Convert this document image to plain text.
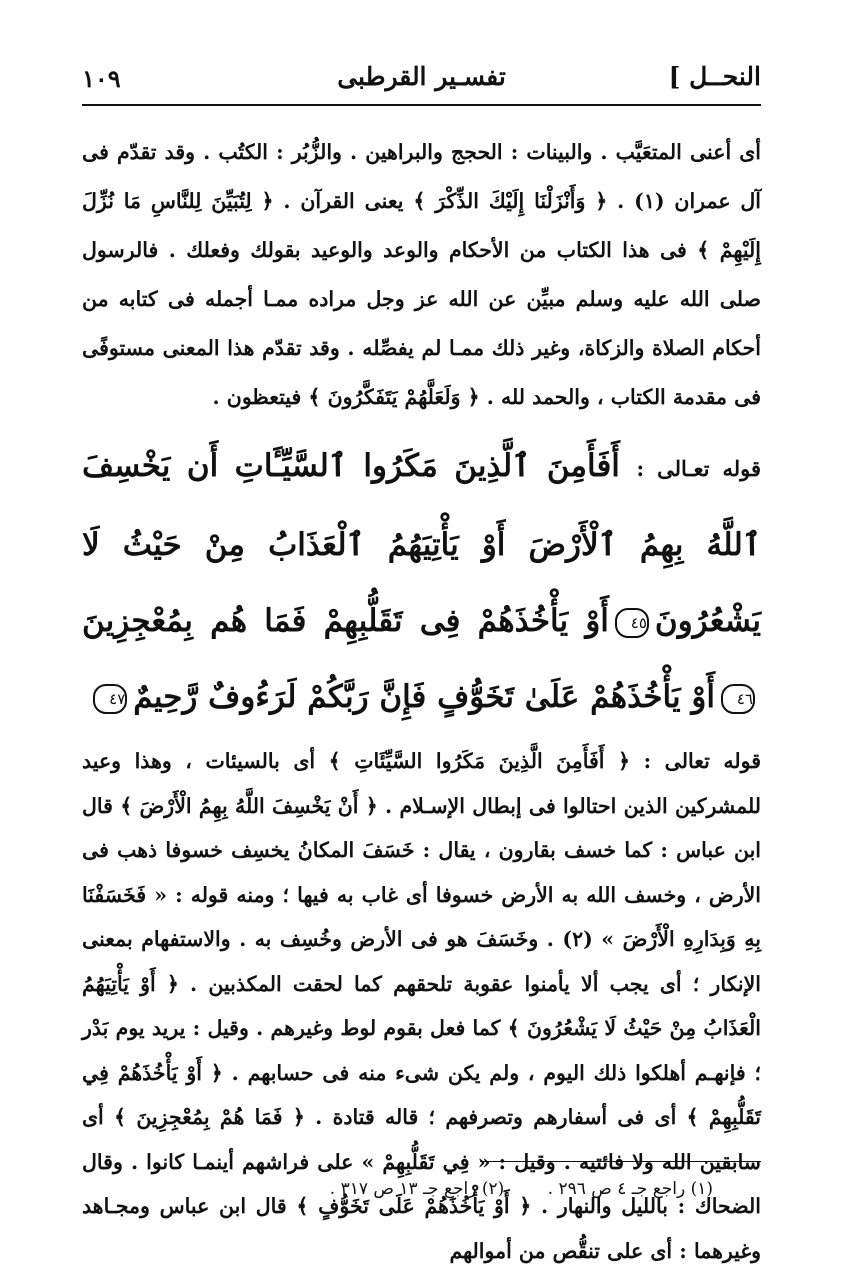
النحــل ]
تفسـير القرطبى
١٠٩

أى أعنى المتعَيَّب . والبينات : الحجج والبراهين . والزُّبُر : الكتُب . وقد تقدّم فى آل عمران (١) . ﴿ وَأَنْزَلْنَا إِلَيْكَ الذِّكْرَ ﴾ يعنى القرآن . ﴿ لِتُبَيِّنَ لِلنَّاسِ مَا نُزِّلَ إِلَيْهِمْ ﴾ فى هذا الكتاب من الأحكام والوعد والوعيد بقولك وفعلك . فالرسول صلى الله عليه وسلم مبيِّن عن الله عز وجل مراده ممـا أجمله فى كتابه من أحكام الصلاة والزكاة، وغير ذلك ممـا لم يفصِّله . وقد تقدّم هذا المعنى مستوفًى فى مقدمة الكتاب ، والحمد لله . ﴿ وَلَعَلَّهُمْ يَتَفَكَّرُونَ ﴾ فيتعظون .

قوله تعـالى : أَفَأَمِنَ ٱلَّذِينَ مَكَرُوا ٱلسَّيِّـَٔاتِ أَن يَخْسِفَ ٱللَّهُ بِهِمُ ٱلْأَرْضَ أَوْ يَأْتِيَهُمُ ٱلْعَذَابُ مِنْ حَيْثُ لَا يَشْعُرُونَ٤٥أَوْ يَأْخُذَهُمْ فِى تَقَلُّبِهِمْ فَمَا هُم بِمُعْجِزِينَ٤٦أَوْ يَأْخُذَهُمْ عَلَىٰ تَخَوُّفٍ فَإِنَّ رَبَّكُمْ لَرَءُوفٌ رَّحِيمٌ٤٧

قوله تعالى : ﴿ أَفَأَمِنَ الَّذِينَ مَكَرُوا السَّيِّئَاتِ ﴾ أى بالسيئات ، وهذا وعيد للمشركين الذين احتالوا فى إبطال الإسـلام . ﴿ أَنْ يَخْسِفَ اللَّهُ بِهِمُ الْأَرْضَ ﴾ قال ابن عباس : كما خسف بقارون ، يقال : خَسَفَ المكانُ يخسِف خسوفا ذهب فى الأرض ، وخسف الله به الأرض خسوفا أى غاب به فيها ؛ ومنه قوله : « فَخَسَفْنَا بِهِ وَبِدَارِهِ الْأَرْضَ » (٢) . وخَسَفَ هو فى الأرض وخُسِف به . والاستفهام بمعنى الإنكار ؛ أى يجب ألا يأمنوا عقوبة تلحقهم كما لحقت المكذبين . ﴿ أَوْ يَأْتِيَهُمُ الْعَذَابُ مِنْ حَيْثُ لَا يَشْعُرُونَ ﴾ كما فعل بقوم لوط وغيرهم . وقيل : يريد يوم بَدْر ؛ فإنهـم أهلكوا ذلك اليوم ، ولم يكن شىء منه فى حسابهم . ﴿ أَوْ يَأْخُذَهُمْ فِي تَقَلُّبِهِمْ ﴾ أى فى أسفارهم وتصرفهم ؛ قاله قتادة . ﴿ فَمَا هُمْ بِمُعْجِزِينَ ﴾ أى سابقين الله ولا فائتيه . وقيل : « فِي تَقَلُّبِهِمْ » على فراشهم أينمـا كانوا . وقال الضحاك : بالليل والنهار . ﴿ أَوْ يَأْخُذَهُمْ عَلَى تَخَوُّفٍ ﴾ قال ابن عباس ومجـاهد وغيرهما : أى على تنقُّص من أموالهم

(١) راجع جـ ٤ ص ٢٩٦ . (٢) راجع جـ ١٣ ص ٣١٧ .
